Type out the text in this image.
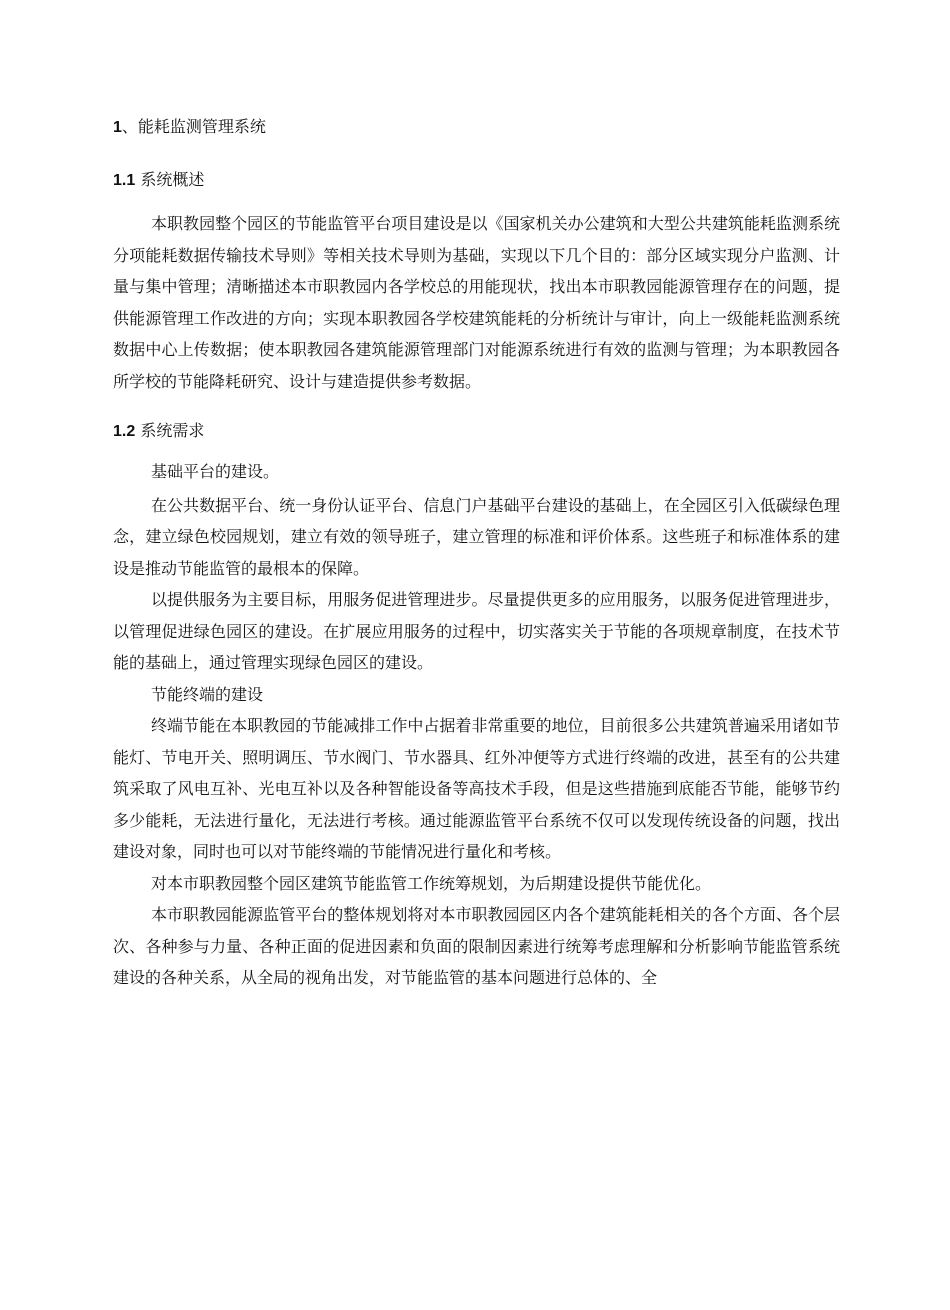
1、能耗监测管理系统

1.1 系统概述

本职教园整个园区的节能监管平台项目建设是以《国家机关办公建筑和大型公共建筑能耗监测系统分项能耗数据传输技术导则》等相关技术导则为基础，实现以下几个目的：部分区域实现分户监测、计量与集中管理；清晰描述本市职教园内各学校总的用能现状，找出本市职教园能源管理存在的问题，提供能源管理工作改进的方向；实现本职教园各学校建筑能耗的分析统计与审计，向上一级能耗监测系统数据中心上传数据；使本职教园各建筑能源管理部门对能源系统进行有效的监测与管理；为本职教园各所学校的节能降耗研究、设计与建造提供参考数据。

1.2 系统需求

基础平台的建设。

在公共数据平台、统一身份认证平台、信息门户基础平台建设的基础上，在全园区引入低碳绿色理念，建立绿色校园规划，建立有效的领导班子，建立管理的标准和评价体系。这些班子和标准体系的建设是推动节能监管的最根本的保障。

以提供服务为主要目标，用服务促进管理进步。尽量提供更多的应用服务，以服务促进管理进步，以管理促进绿色园区的建设。在扩展应用服务的过程中，切实落实关于节能的各项规章制度，在技术节能的基础上，通过管理实现绿色园区的建设。

节能终端的建设

终端节能在本职教园的节能减排工作中占据着非常重要的地位，目前很多公共建筑普遍采用诸如节能灯、节电开关、照明调压、节水阀门、节水器具、红外冲便等方式进行终端的改进，甚至有的公共建筑采取了风电互补、光电互补以及各种智能设备等高技术手段，但是这些措施到底能否节能，能够节约多少能耗，无法进行量化，无法进行考核。通过能源监管平台系统不仅可以发现传统设备的问题，找出建设对象，同时也可以对节能终端的节能情况进行量化和考核。

对本市职教园整个园区建筑节能监管工作统筹规划，为后期建设提供节能优化。

本市职教园能源监管平台的整体规划将对本市职教园园区内各个建筑能耗相关的各个方面、各个层次、各种参与力量、各种正面的促进因素和负面的限制因素进行统筹考虑理解和分析影响节能监管系统建设的各种关系，从全局的视角出发，对节能监管的基本问题进行总体的、全
